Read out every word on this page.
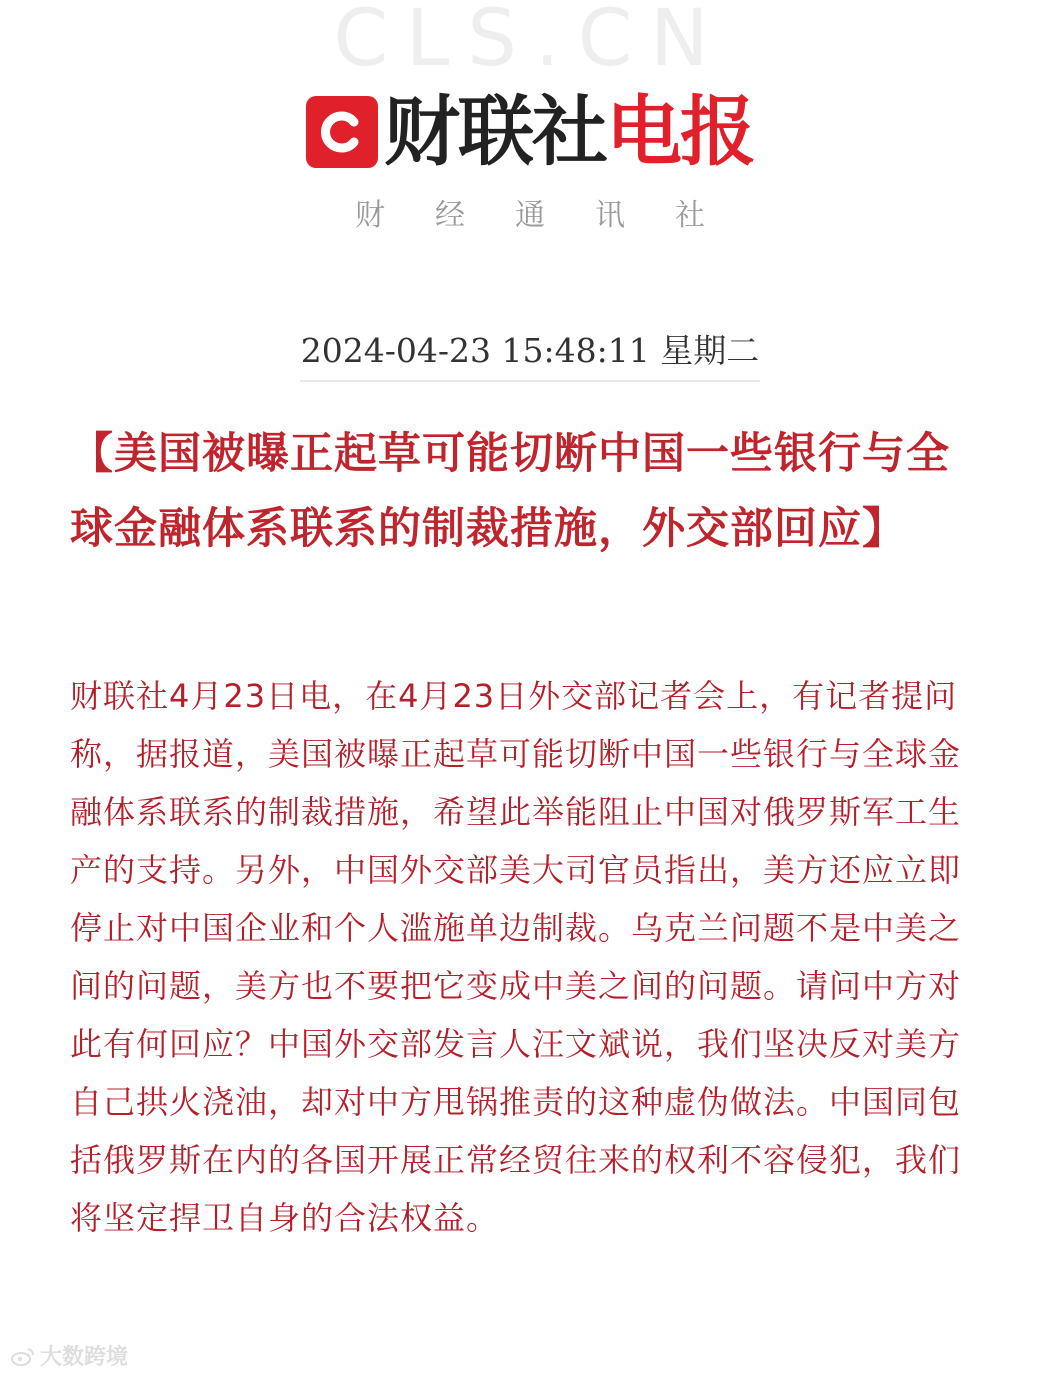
CLS.CN
财联社电报
财经通讯社
2024-04-23 15:48:11 星期二
【美国被曝正起草可能切断中国一些银行与全球金融体系联系的制裁措施，外交部回应】
财联社4月23日电，在4月23日外交部记者会上，有记者提问称，据报道，美国被曝正起草可能切断中国一些银行与全球金融体系联系的制裁措施，希望此举能阻止中国对俄罗斯军工生产的支持。另外，中国外交部美大司官员指出，美方还应立即停止对中国企业和个人滥施单边制裁。乌克兰问题不是中美之间的问题，美方也不要把它变成中美之间的问题。请问中方对此有何回应？中国外交部发言人汪文斌说，我们坚决反对美方自己拱火浇油，却对中方甩锅推责的这种虚伪做法。中国同包括俄罗斯在内的各国开展正常经贸往来的权利不容侵犯，我们将坚定捍卫自身的合法权益。
大数跨境
